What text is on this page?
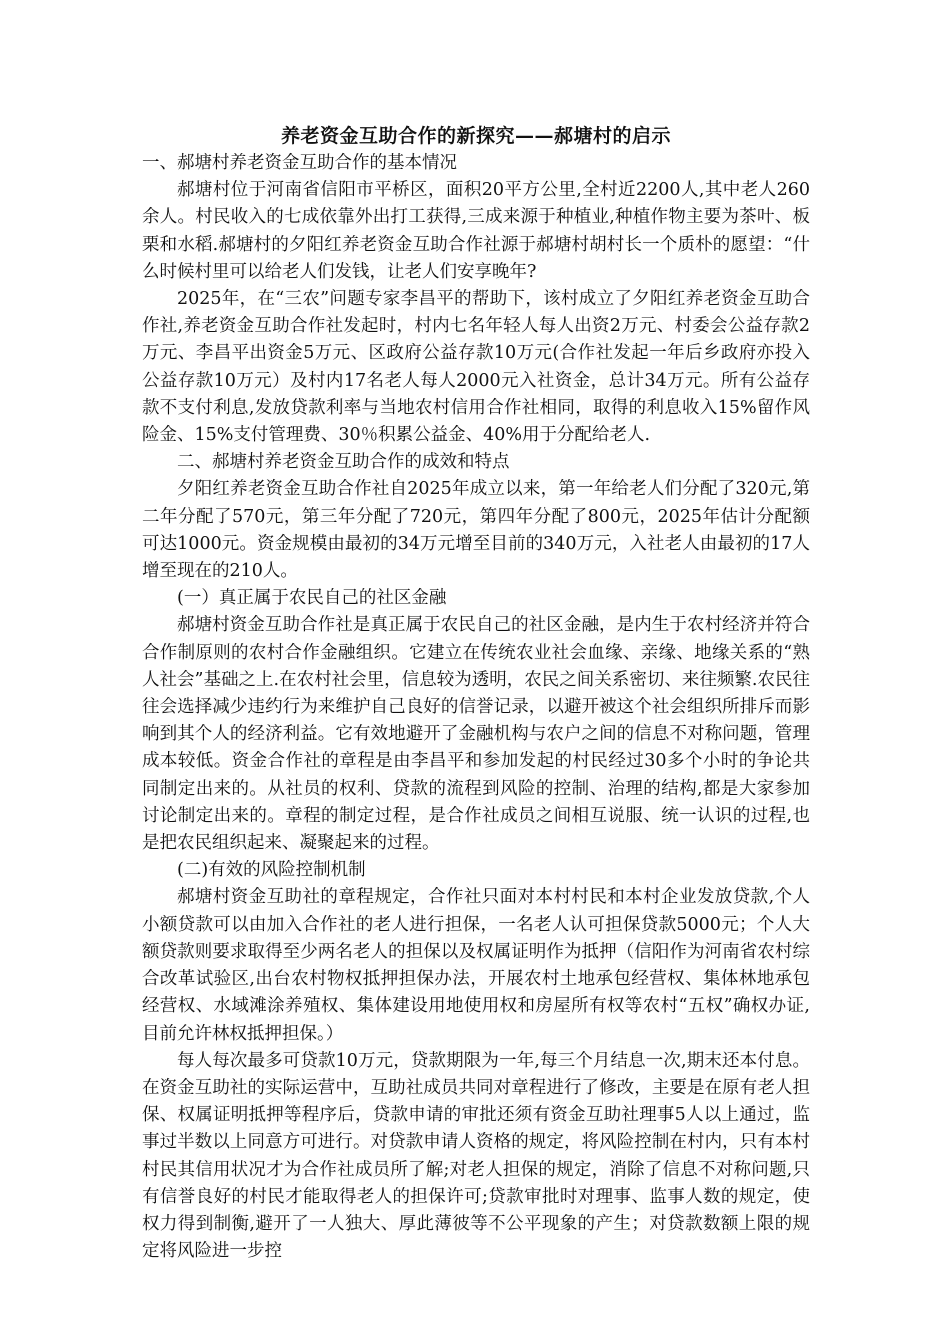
养老资金互助合作的新探究——郝塘村的启示

一、郝塘村养老资金互助合作的基本情况

郝塘村位于河南省信阳市平桥区，面积20平方公里,全村近2200人,其中老人260余人。村民收入的七成依靠外出打工获得,三成来源于种植业,种植作物主要为茶叶、板栗和水稻.郝塘村的夕阳红养老资金互助合作社源于郝塘村胡村长一个质朴的愿望：“什么时候村里可以给老人们发钱，让老人们安享晚年?

2025年，在“三农”问题专家李昌平的帮助下，该村成立了夕阳红养老资金互助合作社,养老资金互助合作社发起时，村内七名年轻人每人出资2万元、村委会公益存款2万元、李昌平出资金5万元、区政府公益存款10万元(合作社发起一年后乡政府亦投入公益存款10万元）及村内17名老人每人2000元入社资金，总计34万元。所有公益存款不支付利息,发放贷款利率与当地农村信用合作社相同，取得的利息收入15%留作风险金、15%支付管理费、30％积累公益金、40%用于分配给老人.

二、郝塘村养老资金互助合作的成效和特点

夕阳红养老资金互助合作社自2025年成立以来，第一年给老人们分配了320元,第二年分配了570元，第三年分配了720元，第四年分配了800元，2025年估计分配额可达1000元。资金规模由最初的34万元增至目前的340万元，入社老人由最初的17人增至现在的210人。

(一）真正属于农民自己的社区金融

郝塘村资金互助合作社是真正属于农民自己的社区金融，是内生于农村经济并符合合作制原则的农村合作金融组织。它建立在传统农业社会血缘、亲缘、地缘关系的“熟人社会”基础之上.在农村社会里，信息较为透明，农民之间关系密切、来往频繁.农民往往会选择减少违约行为来维护自己良好的信誉记录，以避开被这个社会组织所排斥而影响到其个人的经济利益。它有效地避开了金融机构与农户之间的信息不对称问题，管理成本较低。资金合作社的章程是由李昌平和参加发起的村民经过30多个小时的争论共同制定出来的。从社员的权利、贷款的流程到风险的控制、治理的结构,都是大家参加讨论制定出来的。章程的制定过程，是合作社成员之间相互说服、统一认识的过程,也是把农民组织起来、凝聚起来的过程。

(二)有效的风险控制机制

郝塘村资金互助社的章程规定，合作社只面对本村村民和本村企业发放贷款,个人小额贷款可以由加入合作社的老人进行担保，一名老人认可担保贷款5000元；个人大额贷款则要求取得至少两名老人的担保以及权属证明作为抵押（信阳作为河南省农村综合改革试验区,出台农村物权抵押担保办法，开展农村土地承包经营权、集体林地承包经营权、水域滩涂养殖权、集体建设用地使用权和房屋所有权等农村“五权”确权办证,目前允许林权抵押担保。）

每人每次最多可贷款10万元，贷款期限为一年,每三个月结息一次,期末还本付息。在资金互助社的实际运营中，互助社成员共同对章程进行了修改，主要是在原有老人担保、权属证明抵押等程序后，贷款申请的审批还须有资金互助社理事5人以上通过，监事过半数以上同意方可进行。对贷款申请人资格的规定，将风险控制在村内，只有本村村民其信用状况才为合作社成员所了解;对老人担保的规定，消除了信息不对称问题,只有信誉良好的村民才能取得老人的担保许可;贷款审批时对理事、监事人数的规定，使权力得到制衡,避开了一人独大、厚此薄彼等不公平现象的产生；对贷款数额上限的规定将风险进一步控
